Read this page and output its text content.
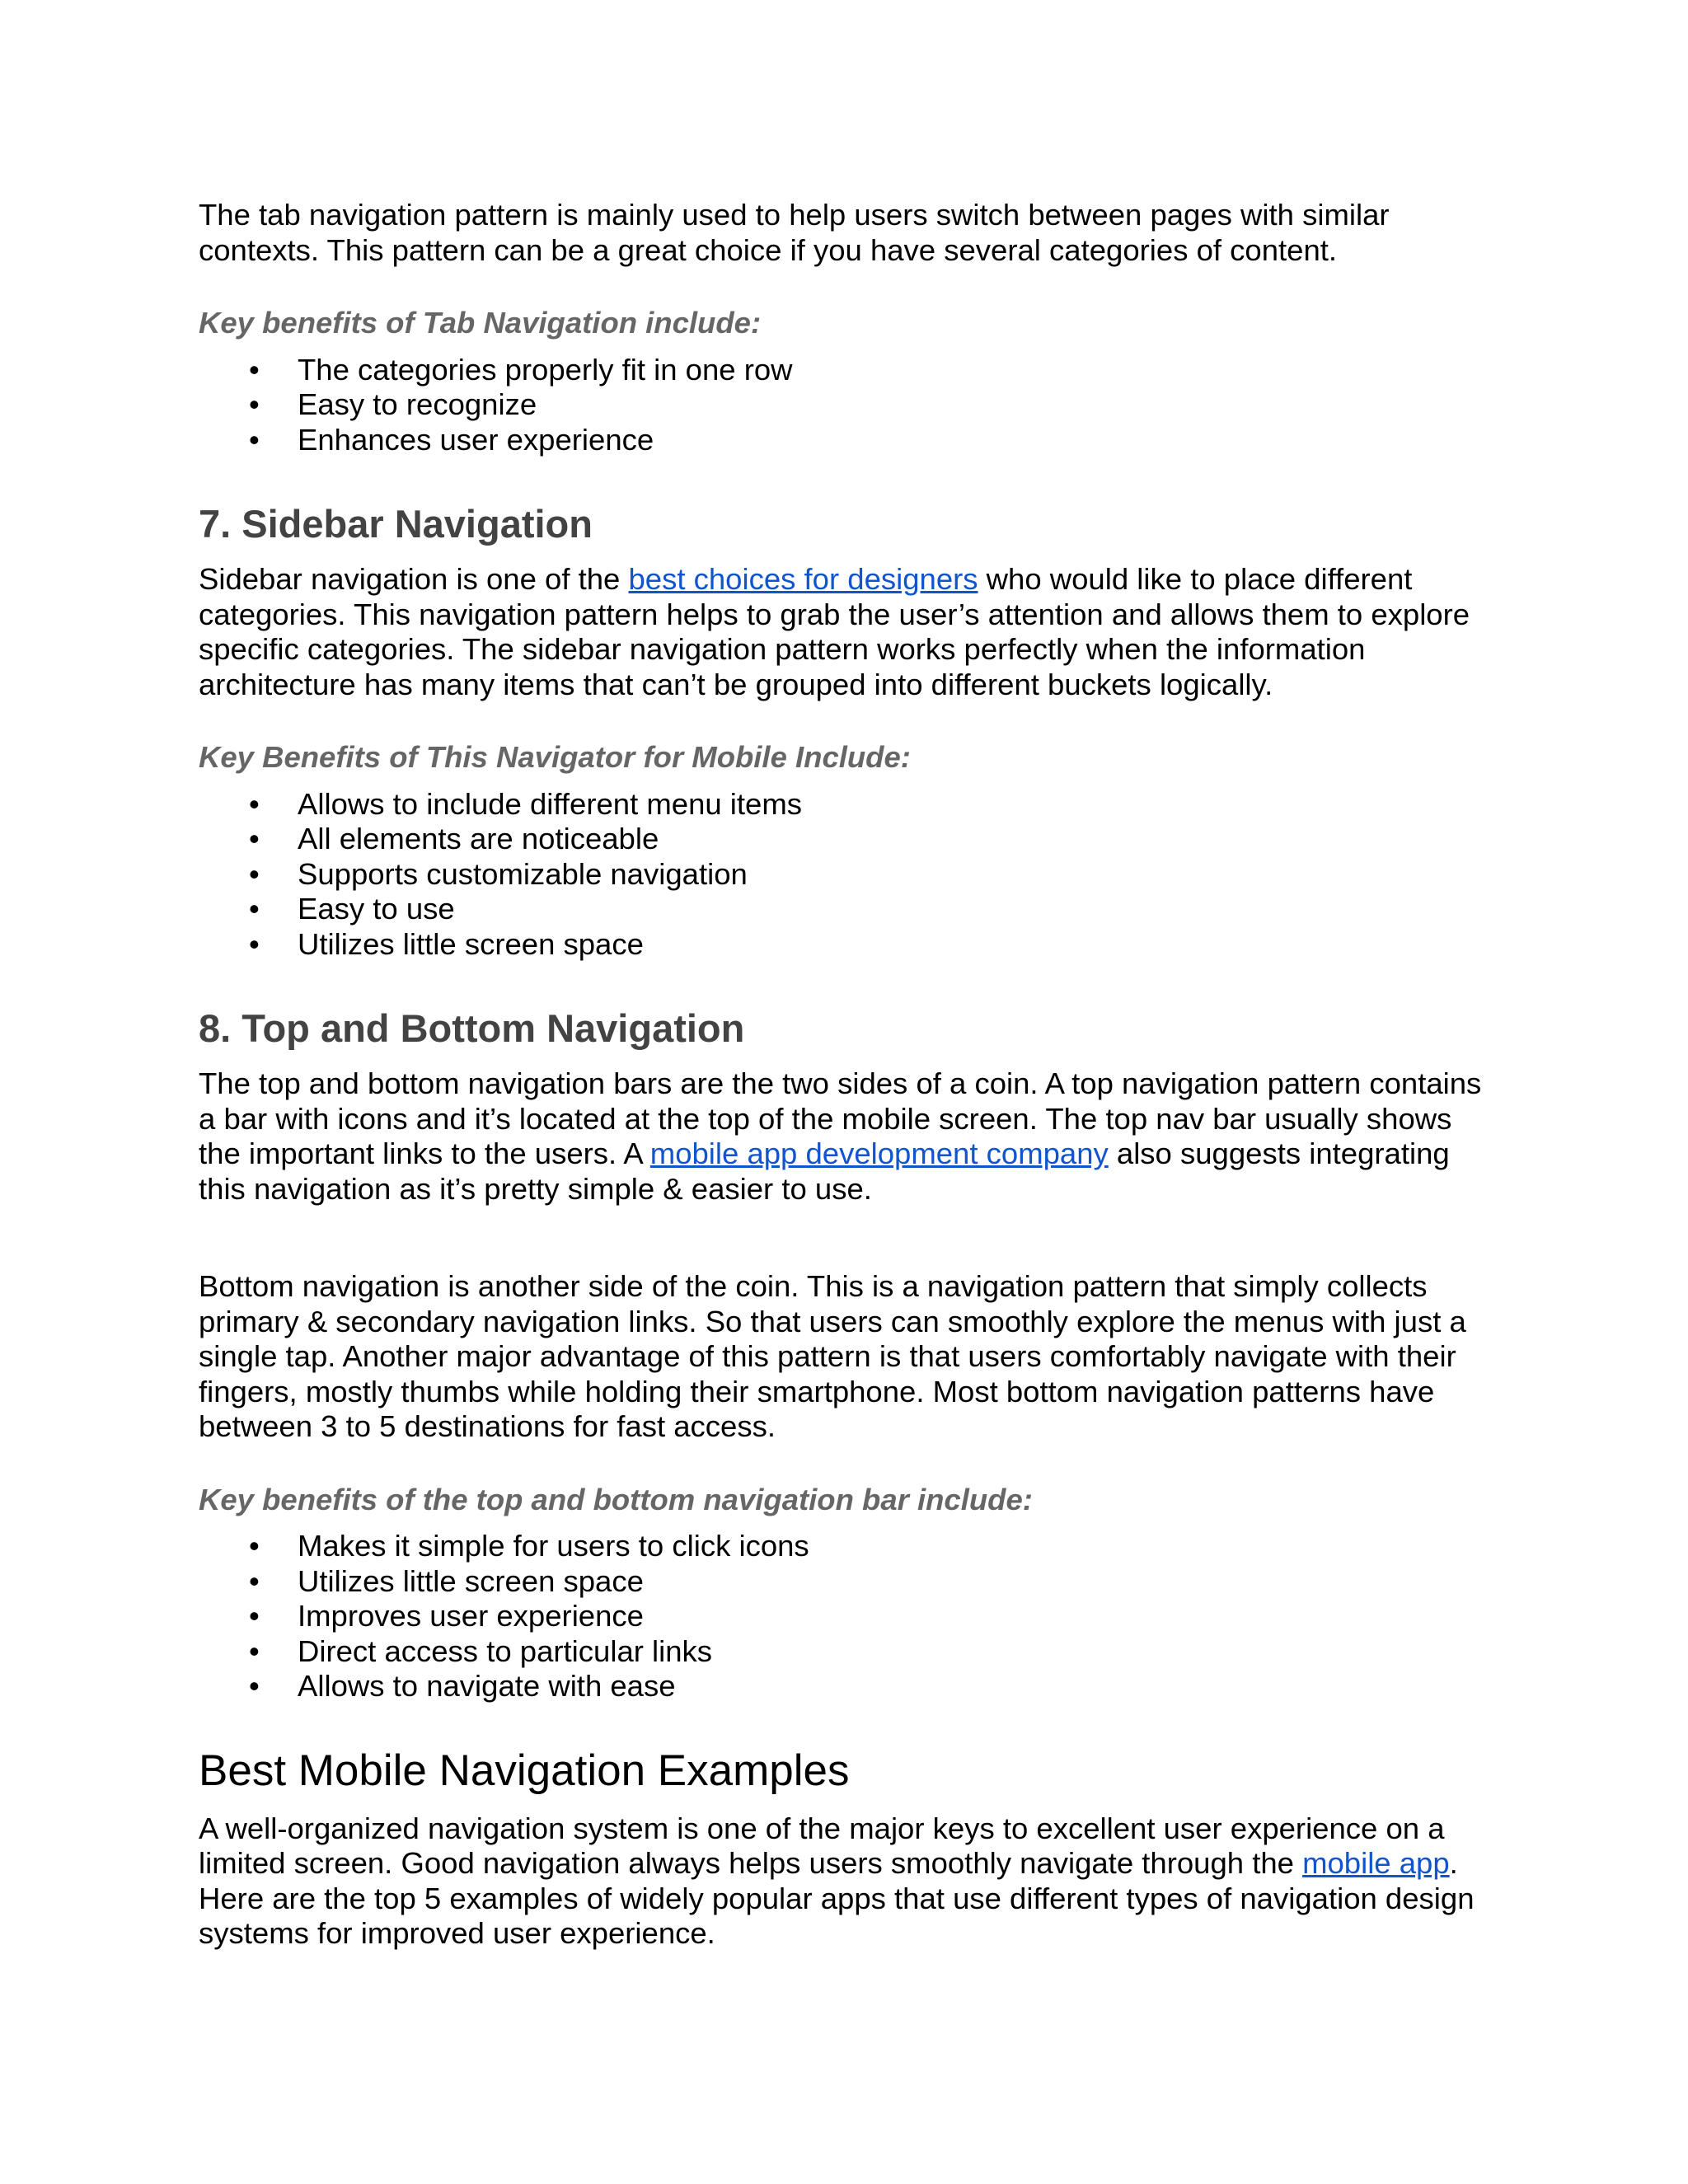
The tab navigation pattern is mainly used to help users switch between pages with similar contexts. This pattern can be a great choice if you have several categories of content.

Key benefits of Tab Navigation include:

• The categories properly fit in one row
• Easy to recognize
• Enhances user experience
7. Sidebar Navigation

Sidebar navigation is one of the best choices for designers who would like to place different categories. This navigation pattern helps to grab the user’s attention and allows them to explore specific categories. The sidebar navigation pattern works perfectly when the information architecture has many items that can’t be grouped into different buckets logically.

Key Benefits of This Navigator for Mobile Include:

• Allows to include different menu items
• All elements are noticeable
• Supports customizable navigation
• Easy to use
• Utilizes little screen space
8. Top and Bottom Navigation

The top and bottom navigation bars are the two sides of a coin. A top navigation pattern contains a bar with icons and it’s located at the top of the mobile screen. The top nav bar usually shows the important links to the users. A mobile app development company also suggests integrating this navigation as it’s pretty simple & easier to use.

Bottom navigation is another side of the coin. This is a navigation pattern that simply collects primary & secondary navigation links. So that users can smoothly explore the menus with just a single tap. Another major advantage of this pattern is that users comfortably navigate with their fingers, mostly thumbs while holding their smartphone. Most bottom navigation patterns have between 3 to 5 destinations for fast access.

Key benefits of the top and bottom navigation bar include:

• Makes it simple for users to click icons
• Utilizes little screen space
• Improves user experience
• Direct access to particular links
• Allows to navigate with ease
Best Mobile Navigation Examples

A well-organized navigation system is one of the major keys to excellent user experience on a limited screen. Good navigation always helps users smoothly navigate through the mobile app. Here are the top 5 examples of widely popular apps that use different types of navigation design systems for improved user experience.
